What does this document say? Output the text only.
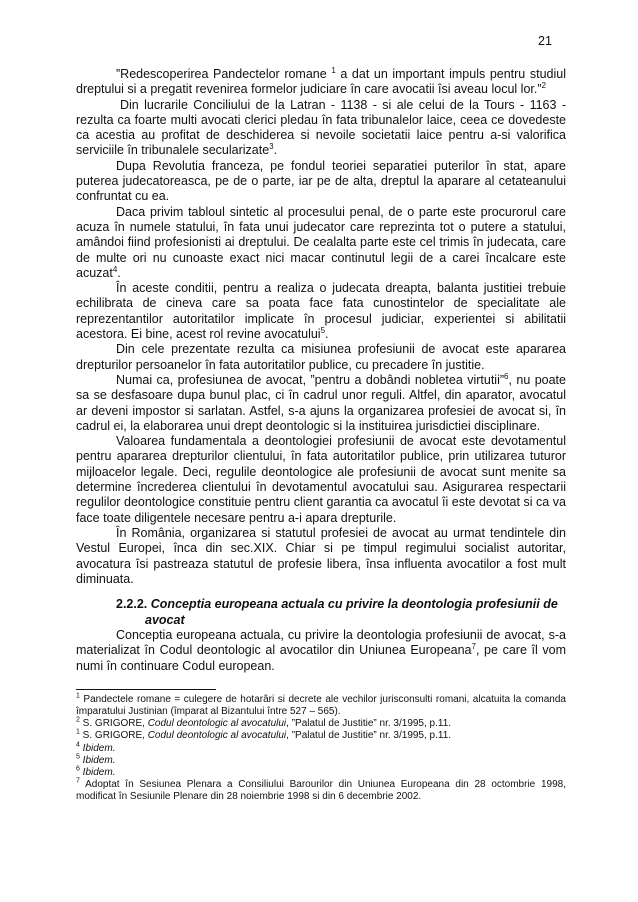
21

”Redescoperirea Pandectelor romane $^1$ a dat un important impuls pentru studiul dreptului si a pregatit revenirea formelor judiciare în care avocatii îsi aveau locul lor.”$^2$

Din lucrarile Conciliului de la Latran - 1138 - si ale celui de la Tours - 1163 - rezulta ca foarte multi avocati clerici pledau în fata tribunalelor laice, ceea ce dovedeste ca acestia au profitat de deschiderea si nevoile societatii laice pentru a-si valorifica serviciile în tribunalele secularizate$^3$.

Dupa Revolutia franceza, pe fondul teoriei separatiei puterilor în stat, apare puterea judecatoreasca, pe de o parte, iar pe de alta, dreptul la aparare al cetateanului confruntat cu ea.

Daca privim tabloul sintetic al procesului penal, de o parte este procurorul care acuza în numele statului, în fata unui judecator care reprezinta tot o putere a statului, amândoi fiind profesionisti ai dreptului. De cealalta parte este cel trimis în judecata, care de multe ori nu cunoaste exact nici macar continutul legii de a carei încalcare este acuzat$^4$.

În aceste conditii, pentru a realiza o judecata dreapta, balanta justitiei trebuie echilibrata de cineva care sa poata face fata cunostintelor de specialitate ale reprezentantilor autoritatilor implicate în procesul judiciar, experientei si abilitatii acestora. Ei bine, acest rol revine avocatului$^5$.

Din cele prezentate rezulta ca misiunea profesiunii de avocat este apararea drepturilor persoanelor în fata autoritatilor publice, cu precadere în justitie.

Numai ca, profesiunea de avocat, ”pentru a dobândi nobletea virtutii”$^6$, nu poate sa se desfasoare dupa bunul plac, ci în cadrul unor reguli. Altfel, din aparator, avocatul ar deveni impostor si sarlatan. Astfel, s-a ajuns la organizarea profesiei de avocat si, în cadrul ei, la elaborarea unui drept deontologic si la instituirea jurisdictiei disciplinare.

Valoarea fundamentala a deontologiei profesiunii de avocat este devotamentul pentru apararea drepturilor clientului, în fata autoritatilor publice, prin utilizarea tuturor mijloacelor legale. Deci, regulile deontologice ale profesiunii de avocat sunt menite sa determine încrederea clientului în devotamentul avocatului sau. Asigurarea respectarii regulilor deontologice constituie pentru client garantia ca avocatul îi este devotat si ca va face toate diligentele necesare pentru a-i apara drepturile.

În România, organizarea si statutul profesiei de avocat au urmat tendintele din Vestul Europei, înca din sec.XIX. Chiar si pe timpul regimului socialist autoritar, avocatura îsi pastreaza statutul de profesie libera, însa influenta avocatilor a fost mult diminuata.

2.2.2. Conceptia europeana actuala cu privire la deontologia profesiunii de avocat

Conceptia europeana actuala, cu privire la deontologia profesiunii de avocat, s-a materializat în Codul deontologic al avocatilor din Uniunea Europeana$^7$, pe care îl vom numi în continuare Codul european.

$^1$ Pandectele romane = culegere de hotarâri si decrete ale vechilor jurisconsulti romani, alcatuita la comanda împaratului Justinian (împarat al Bizantului între 527 – 565).

$^2$ S. GRIGORE, Codul deontologic al avocatului, ”Palatul de Justitie” nr. 3/1995, p.11.

$^1$ S. GRIGORE, Codul deontologic al avocatului, ”Palatul de Justitie” nr. 3/1995, p.11.

$^4$ Ibidem.

$^5$ Ibidem.

$^6$ Ibidem.

$^7$ Adoptat în Sesiunea Plenara a Consiliului Barourilor din Uniunea Europeana din 28 octombrie 1998, modificat în Sesiunile Plenare din 28 noiembrie 1998 si din 6 decembrie 2002.
